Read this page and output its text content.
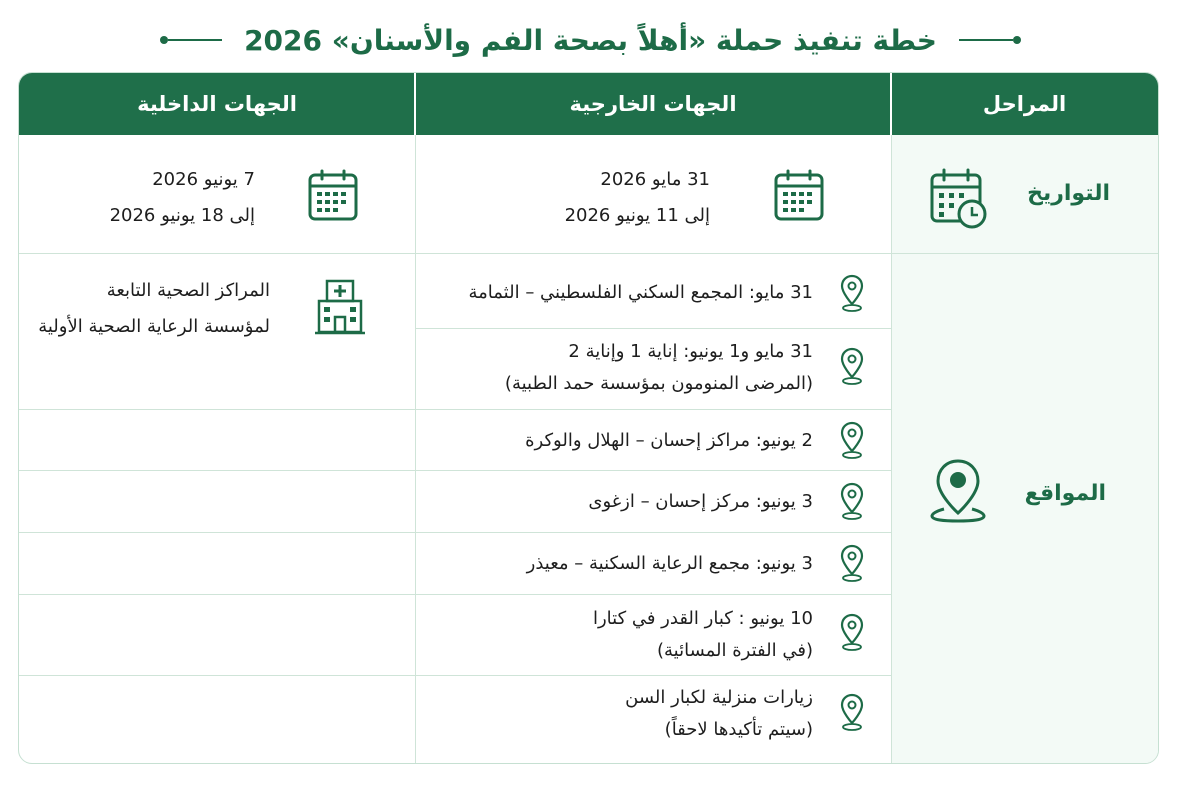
خطة تنفيذ حملة «أهلاً بصحة الفم والأسنان» 2026
الجهات الداخلية	الجهات الخارجية	المراحل
التواريخ
31 مايو 2026
إلى 11 يونيو 2026
7 يونيو 2026
إلى 18 يونيو 2026
المواقع
المراكز الصحية التابعة
لمؤسسة الرعاية الصحية الأولية
31 مايو: المجمع السكني الفلسطيني – الثمامة
31 مايو و1 يونيو: إناية 1 وإناية 2
(المرضى المنومون بمؤسسة حمد الطبية)
2 يونيو: مراكز إحسان – الهلال والوكرة
3 يونيو: مركز إحسان – ازغوى
3 يونيو: مجمع الرعاية السكنية – معيذر
10 يونيو : كبار القدر في كتارا
(في الفترة المسائية)
زيارات منزلية لكبار السن
(سيتم تأكيدها لاحقاً)
